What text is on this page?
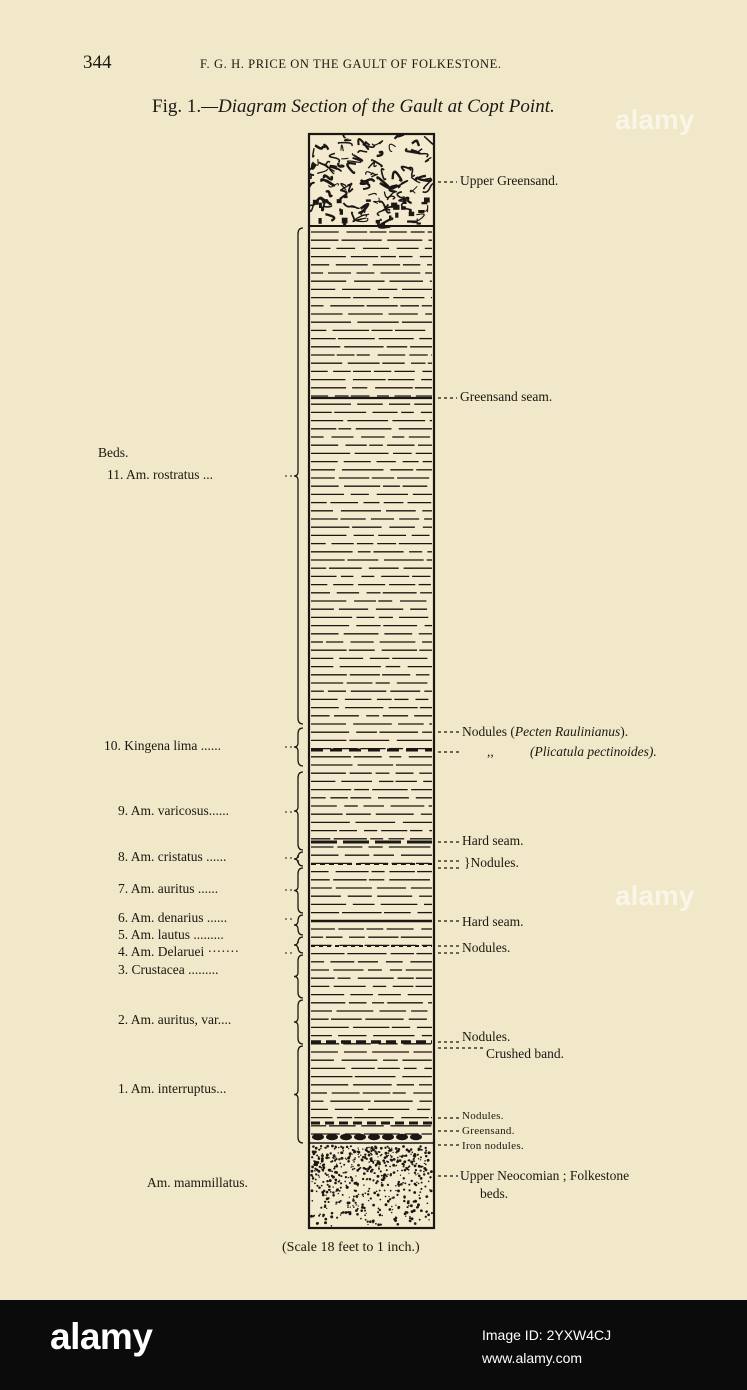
344	F. G. H. PRICE ON THE GAULT OF FOLKESTONE.
Fig. 1.—Diagram Section of the Gault at Copt Point.
Beds.
11. Am. rostratus ...
10. Kingena lima ......
9. Am. varicosus......
8. Am. cristatus ......
7. Am. auritus ......
6. Am. denarius ......
5. Am. lautus .........
4. Am. Delaruei ·······
3. Crustacea .........
2. Am. auritus, var....
1. Am. interruptus...
Am. mammillatus.
Upper Greensand.
Greensand seam.
Nodules (Pecten Raulinianus).
,,	(Plicatula pectinoides).
Hard seam.
}Nodules.
Hard seam.
Nodules.
Nodules.
Crushed band.
Nodules.
Greensand.
Iron nodules.
Upper Neocomian ; Folkestone
beds.
(Scale 18 feet to 1 inch.)
alamy
alamy
alamy	Image ID: 2YXW4CJ
www.alamy.com
